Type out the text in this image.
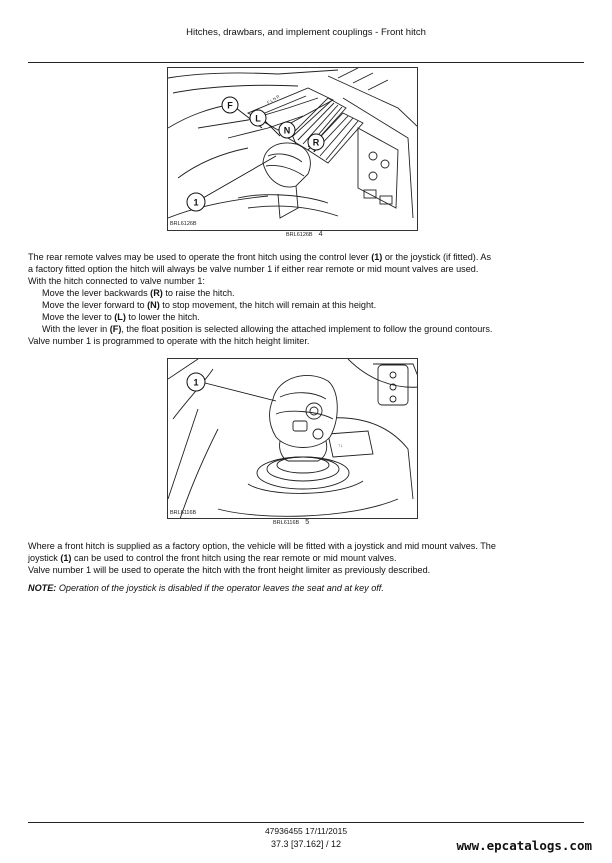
Hitches, drawbars, and implement couplings - Front hitch
F L N R
F
L
N
R
1
BRL6126B
BRL6126B 4

The rear remote valves may be used to operate the front hitch using the control lever (1) or the joystick (if fitted). As

a factory fitted option the hitch will always be valve number 1 if either rear remote or mid mount valves are used.

With the hitch connected to valve number 1:

Move the lever backwards (R) to raise the hitch.

Move the lever forward to (N) to stop movement, the hitch will remain at this height.

Move the lever to (L) to lower the hitch.

With the lever in (F), the float position is selected allowing the attached implement to follow the ground contours.

Valve number 1 is programmed to operate with the hitch height limiter.

↑↓
1
BRL6116B
BRL6116B 5

Where a front hitch is supplied as a factory option, the vehicle will be fitted with a joystick and mid mount valves. The

joystick (1) can be used to control the front hitch using the rear remote or mid mount valves.

Valve number 1 will be used to operate the hitch with the front height limiter as previously described.

NOTE: Operation of the joystick is disabled if the operator leaves the seat and at key off.

47936455 17/11/2015
37.3 [37.162] / 12	www.epcatalogs.com
